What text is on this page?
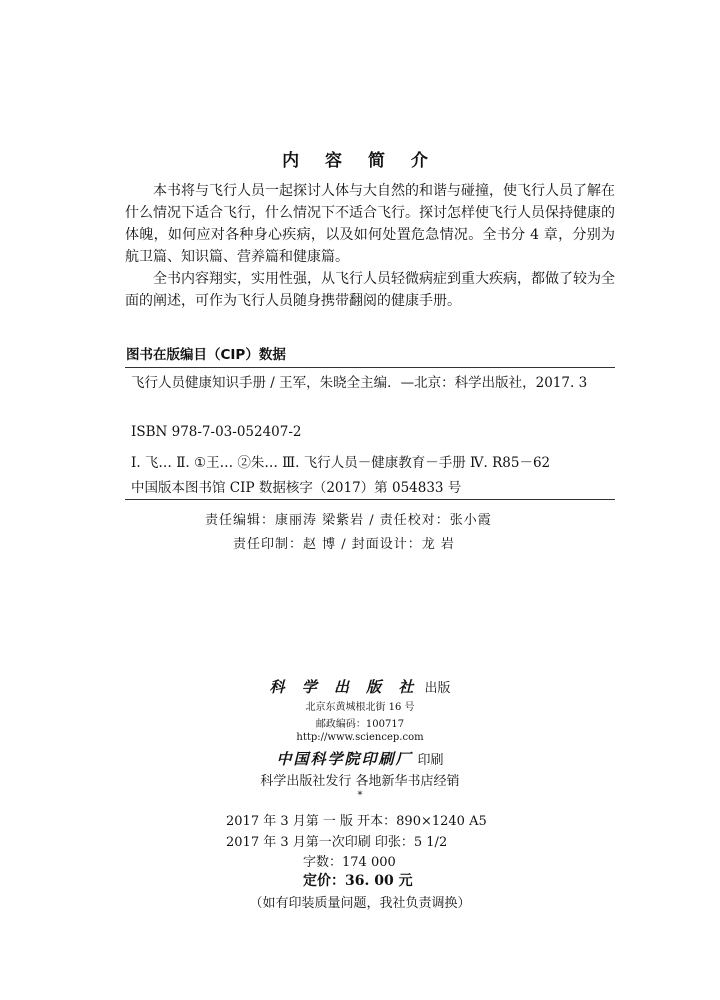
内 容 简 介

本书将与飞行人员一起探讨人体与大自然的和谐与碰撞，使飞行人员了解在什么情况下适合飞行，什么情况下不适合飞行。探讨怎样使飞行人员保持健康的体魄，如何应对各种身心疾病，以及如何处置危急情况。全书分 4 章，分别为航卫篇、知识篇、营养篇和健康篇。

全书内容翔实，实用性强，从飞行人员轻微病症到重大疾病，都做了较为全面的阐述，可作为飞行人员随身携带翻阅的健康手册。

图书在版编目（CIP）数据
飞行人员健康知识手册 / 王军，朱晓全主编．—北京：科学出版社，2017. 3
ISBN 978-7-03-052407-2
Ⅰ. 飞… Ⅱ. ①王… ②朱… Ⅲ. 飞行人员－健康教育－手册 Ⅳ. R85－62
中国版本图书馆 CIP 数据核字（2017）第 054833 号
责任编辑：康丽涛 梁紫岩 / 责任校对：张小霞
责任印制：赵 博 / 封面设计：龙 岩
科 学 出 版 社 出版
北京东黄城根北街 16 号
邮政编码：100717
http://www.sciencep.com
中国科学院印刷厂 印刷
科学出版社发行 各地新华书店经销
*
2017 年 3 月第 一 版 开本：890×1240 A5
2017 年 3 月第一次印刷 印张：5 1/2
字数：174 000
定价：36. 00 元
（如有印装质量问题，我社负责调换）
